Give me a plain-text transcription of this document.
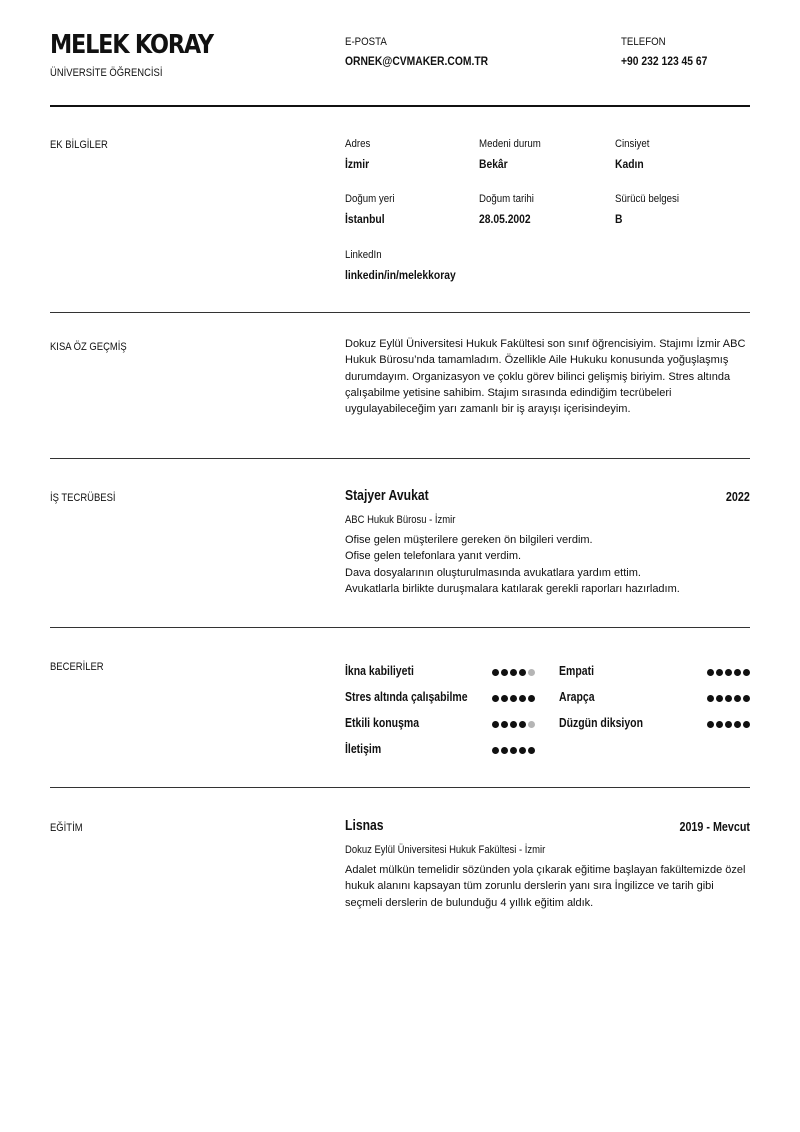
MELEK KORAY
ÜNİVERSİTE ÖĞRENCİSİ
E-POSTA
ORNEK@CVMAKER.COM.TR
TELEFON
+90 232 123 45 67
EK BİLGİLER	Adres
İzmir
Medeni durum
Bekâr
Cinsiyet
Kadın
Doğum yeri
İstanbul
Doğum tarihi
28.05.2002
Sürücü belgesi
B
LinkedIn
linkedin/in/melekkoray
KISA ÖZ GEÇMİŞ	Dokuz Eylül Üniversitesi Hukuk Fakültesi son sınıf öğrencisiyim. Stajımı İzmir ABC Hukuk Bürosu’nda tamamladım. Özellikle Aile Hukuku konusunda yoğuşlaşmış durumdayım. Organizasyon ve çoklu görev bilinci gelişmiş biriyim. Stres altında çalışabilme yetisine sahibim. Stajım sırasında edindiğim tecrübeleri uygulayabileceğim yarı zamanlı bir iş arayışı içerisindeyim.
İŞ TECRÜBESİ	Stajyer Avukat	2022
ABC Hukuk Bürosu - İzmir
Ofise gelen müşterilere gereken ön bilgileri verdim.
Ofise gelen telefonlara yanıt verdim.
Dava dosyalarının oluşturulmasında avukatlara yardım ettim.
Avukatlarla birlikte duruşmalara katılarak gerekli raporları hazırladım.
BECERİLER	İkna kabiliyeti	Empati
Stres altında çalışabilme	Arapça
Etkili konuşma	Düzgün diksiyon
İletişim
EĞİTİM	Lisnas	2019 - Mevcut
Dokuz Eylül Üniversitesi Hukuk Fakültesi - İzmir
Adalet mülkün temelidir sözünden yola çıkarak eğitime başlayan fakültemizde özel hukuk alanını kapsayan tüm zorunlu derslerin yanı sıra İngilizce ve tarih gibi seçmeli derslerin de bulunduğu 4 yıllık eğitim aldık.
